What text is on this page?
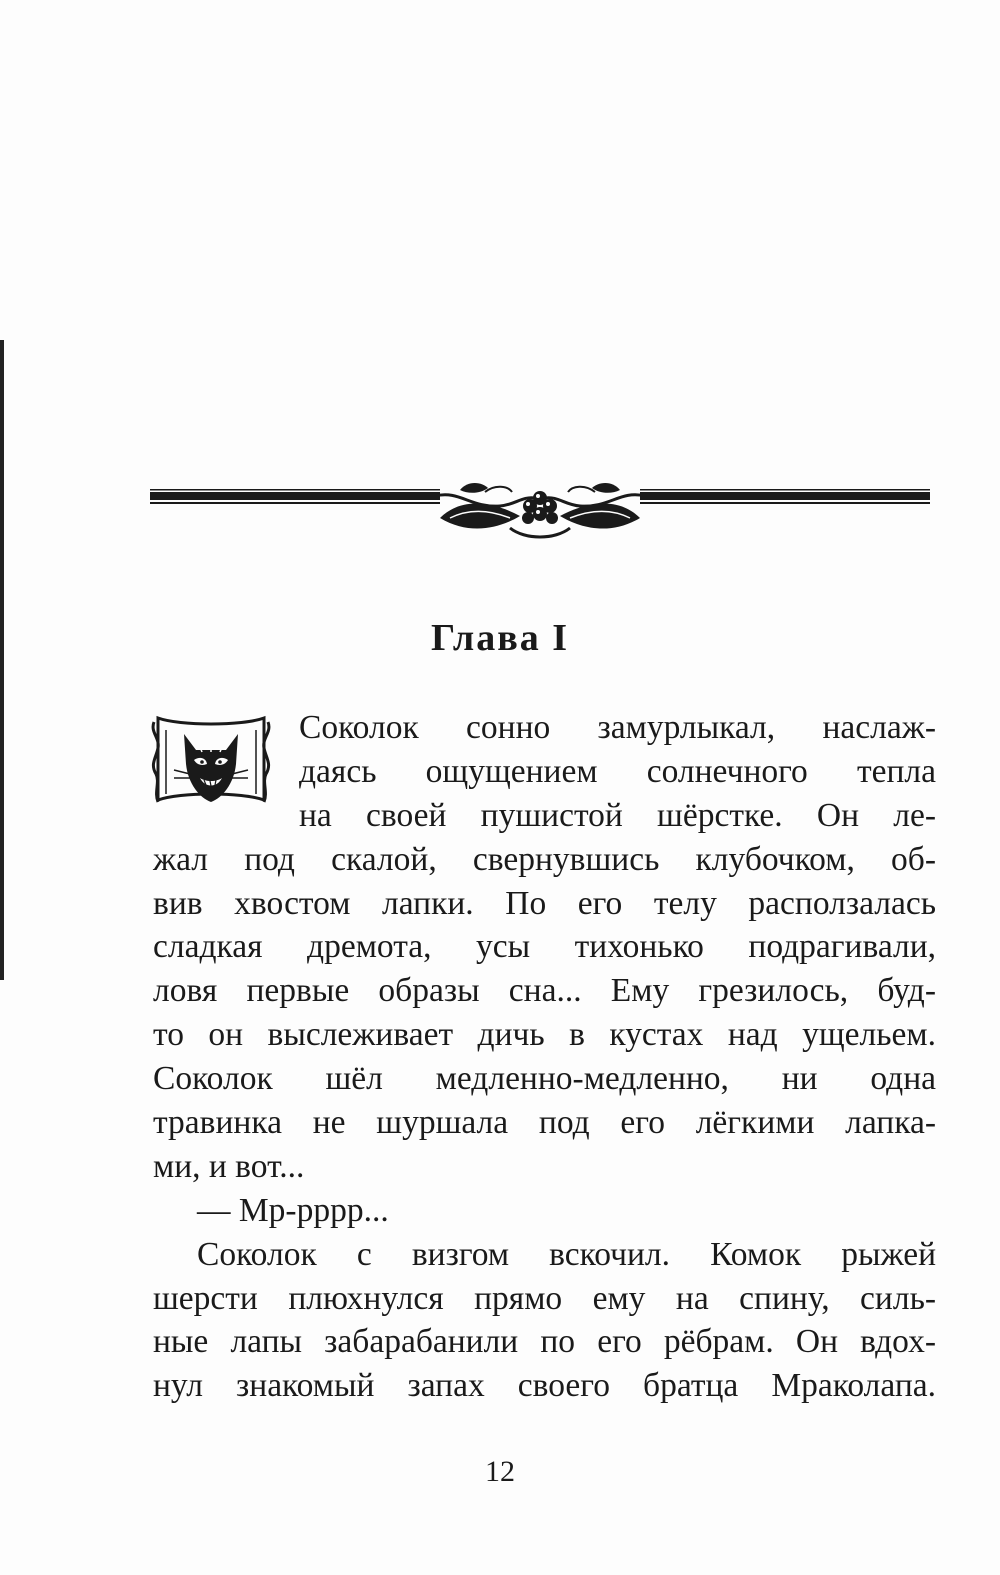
Глава I
Соколок сонно замурлыкал, наслаж-
даясь ощущением солнечного тепла
на своей пушистой шёрстке. Он ле-
жал под скалой, свернувшись клубочком, об-
вив хвостом лапки. По его телу расползалась
сладкая дремота, усы тихонько подрагивали,
ловя первые образы сна... Ему грезилось, буд-
то он выслеживает дичь в кустах над ущельем.
Соколок шёл медленно-медленно, ни одна
травинка не шуршала под его лёгкими лапка-
ми, и вот...
— Мр-рррр...
Соколок с визгом вскочил. Комок рыжей
шерсти плюхнулся прямо ему на спину, силь-
ные лапы забарабанили по его рёбрам. Он вдох-
нул знакомый запах своего братца Мраколапа.
12
